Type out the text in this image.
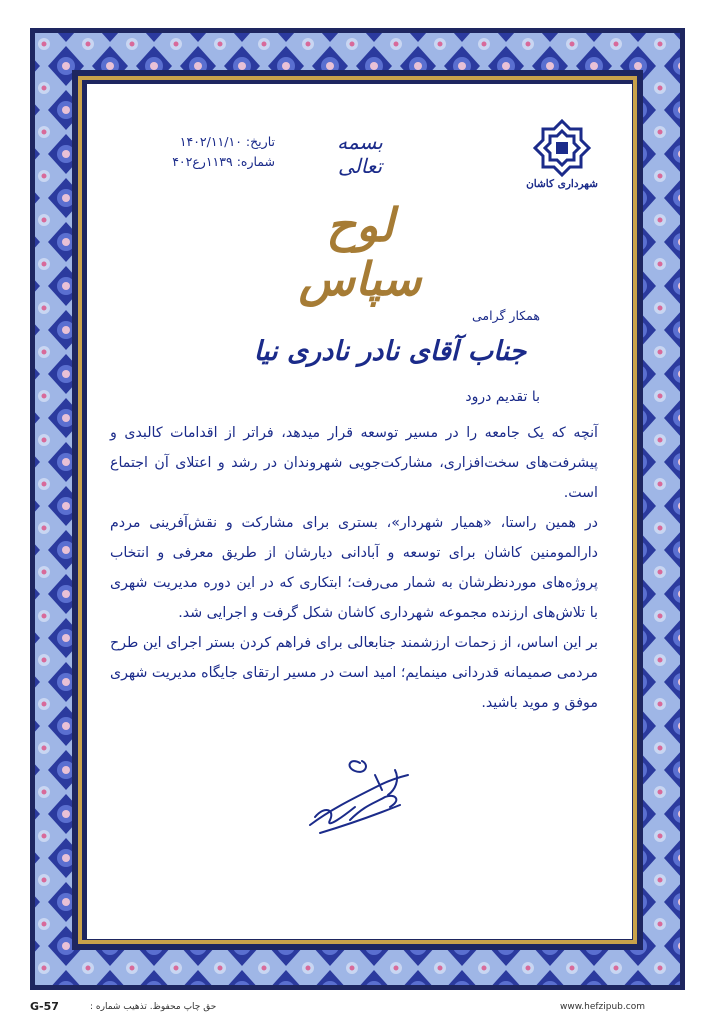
شهرداری کاشان
تاریخ: ۱۴۰۲/۱۱/۱۰
شماره: ۱۱۳۹رع۴۰۲
بسمه تعالی
لوح سپاس
همکار گرامی
جناب آقای نادر نادری نیا
با تقدیم درود

آنچه که یک جامعه را در مسیر توسعه قرار میدهد، فراتر از اقدامات کالبدی و پیشرفت‌های سخت‌افزاری، مشارکت‌جویی شهروندان در رشد و اعتلای آن اجتماع است.

در همین راستا، «همیار شهردار»، بستری برای مشارکت و نقش‌آفرینی مردم دارالمومنین کاشان برای توسعه و آبادانی دیارشان از طریق معرفی و انتخاب پروژه‌های موردنظرشان به شمار می‌رفت؛ ابتکاری که در این دوره مدیریت شهری با تلاش‌های ارزنده مجموعه شهرداری کاشان شکل گرفت و اجرایی شد.

بر این اساس، از زحمات ارزشمند جنابعالی برای فراهم کردن بستر اجرای این طرح مردمی صمیمانه قدردانی مینمایم؛ امید است در مسیر ارتقای جایگاه مدیریت شهری موفق و موید باشید.

G-57	حق چاپ محفوظ. تذهیب شماره :	www.hefzipub.com
